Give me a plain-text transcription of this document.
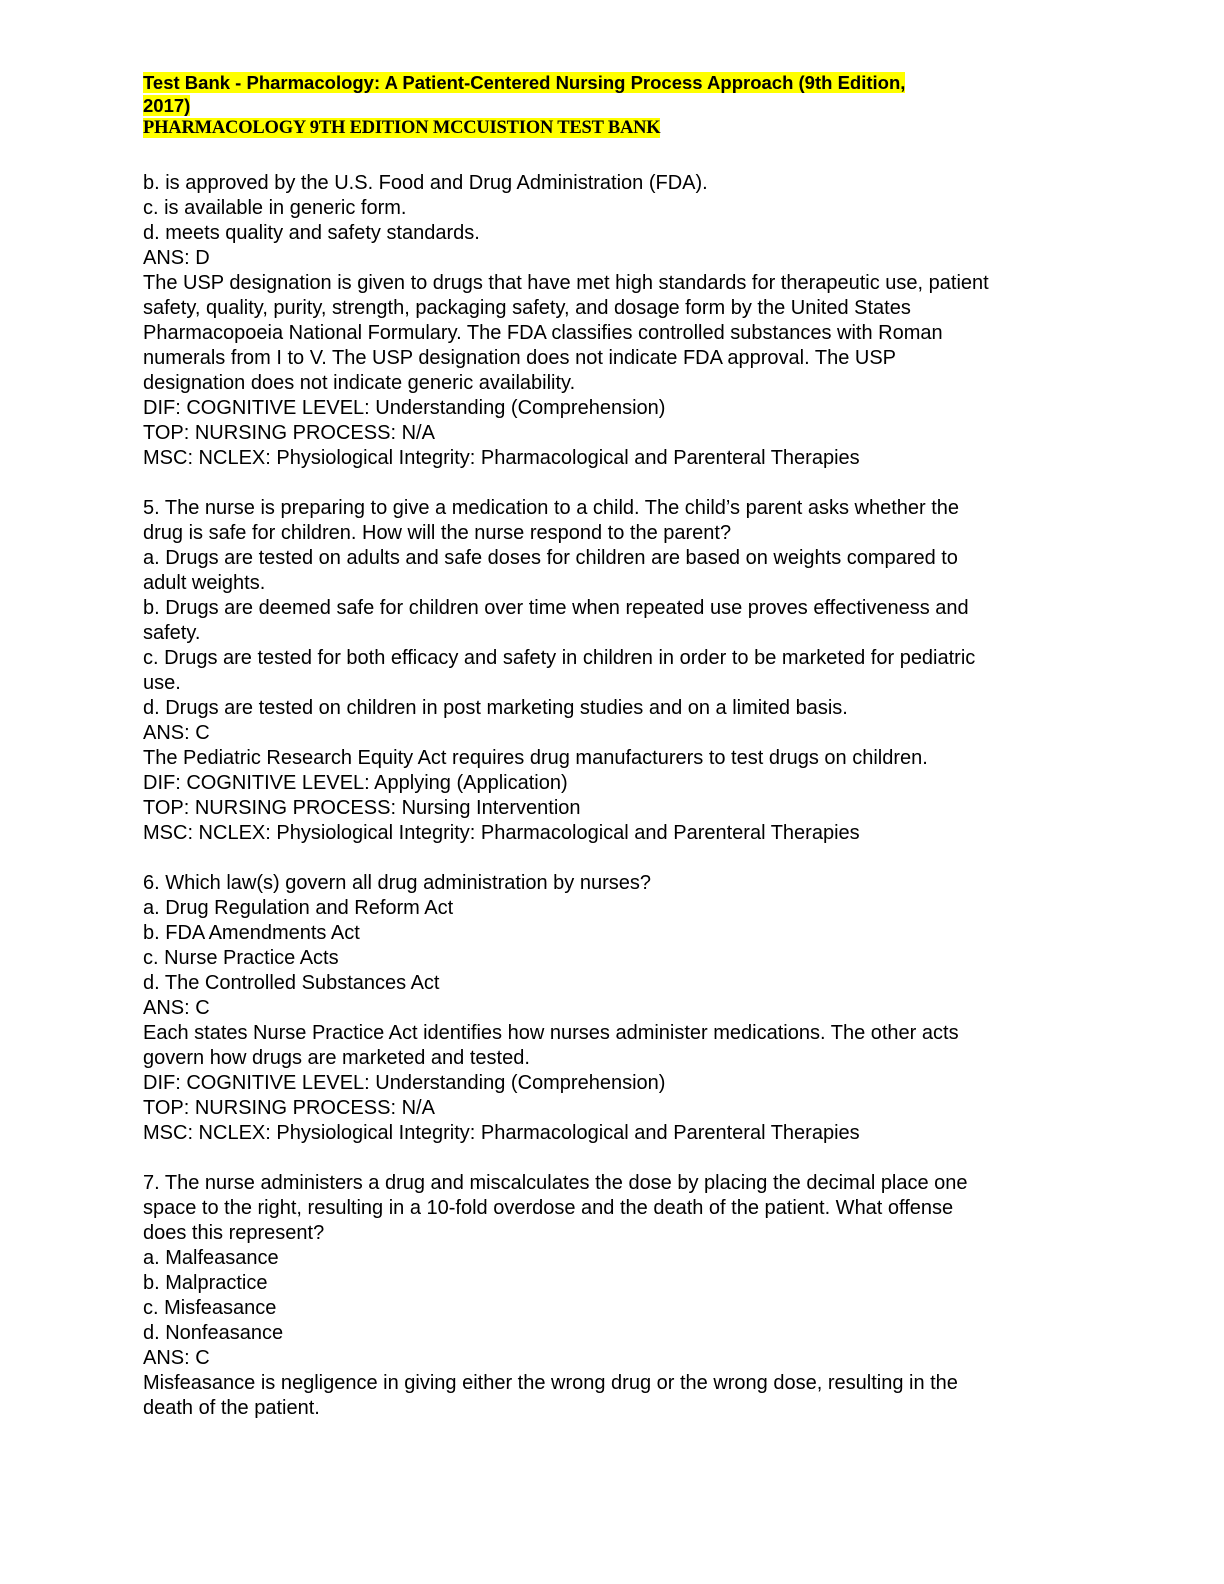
Test Bank - Pharmacology: A Patient-Centered Nursing Process Approach (9th Edition,
2017)
PHARMACOLOGY 9TH EDITION MCCUISTION TEST BANK
b. is approved by the U.S. Food and Drug Administration (FDA).
c. is available in generic form.
d. meets quality and safety standards.
ANS: D
The USP designation is given to drugs that have met high standards for therapeutic use, patient
safety, quality, purity, strength, packaging safety, and dosage form by the United States
Pharmacopoeia National Formulary. The FDA classifies controlled substances with Roman
numerals from I to V. The USP designation does not indicate FDA approval. The USP
designation does not indicate generic availability.
DIF: COGNITIVE LEVEL: Understanding (Comprehension)
TOP: NURSING PROCESS: N/A
MSC: NCLEX: Physiological Integrity: Pharmacological and Parenteral Therapies
5. The nurse is preparing to give a medication to a child. The child’s parent asks whether the
drug is safe for children. How will the nurse respond to the parent?
a. Drugs are tested on adults and safe doses for children are based on weights compared to
adult weights.
b. Drugs are deemed safe for children over time when repeated use proves effectiveness and
safety.
c. Drugs are tested for both efficacy and safety in children in order to be marketed for pediatric
use.
d. Drugs are tested on children in post marketing studies and on a limited basis.
ANS: C
The Pediatric Research Equity Act requires drug manufacturers to test drugs on children.
DIF: COGNITIVE LEVEL: Applying (Application)
TOP: NURSING PROCESS: Nursing Intervention
MSC: NCLEX: Physiological Integrity: Pharmacological and Parenteral Therapies
6. Which law(s) govern all drug administration by nurses?
a. Drug Regulation and Reform Act
b. FDA Amendments Act
c. Nurse Practice Acts
d. The Controlled Substances Act
ANS: C
Each states Nurse Practice Act identifies how nurses administer medications. The other acts
govern how drugs are marketed and tested.
DIF: COGNITIVE LEVEL: Understanding (Comprehension)
TOP: NURSING PROCESS: N/A
MSC: NCLEX: Physiological Integrity: Pharmacological and Parenteral Therapies
7. The nurse administers a drug and miscalculates the dose by placing the decimal place one
space to the right, resulting in a 10-fold overdose and the death of the patient. What offense
does this represent?
a. Malfeasance
b. Malpractice
c. Misfeasance
d. Nonfeasance
ANS: C
Misfeasance is negligence in giving either the wrong drug or the wrong dose, resulting in the
death of the patient.
